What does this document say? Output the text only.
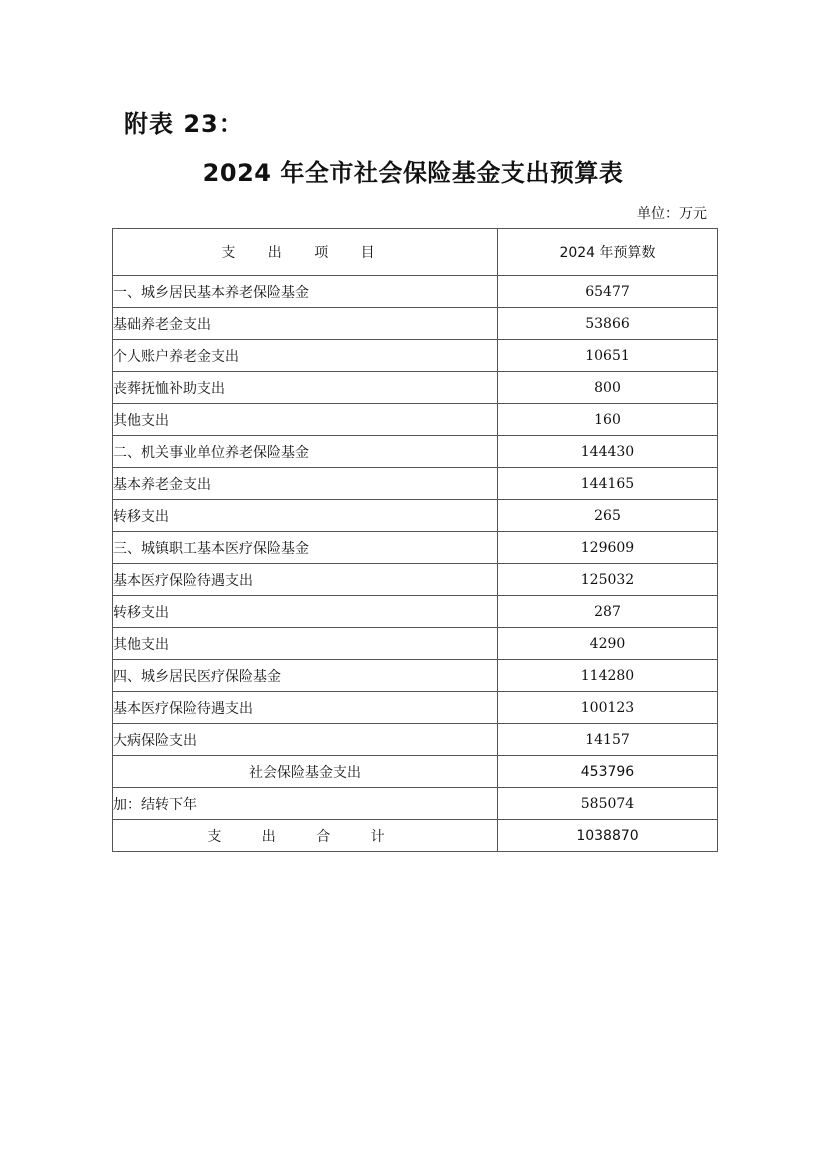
附表 23：
2024 年全市社会保险基金支出预算表
单位：万元
支 出 项 目	2024 年预算数
一、城乡居民基本养老保险基金	65477
基础养老金支出	53866
个人账户养老金支出	10651
丧葬抚恤补助支出	800
其他支出	160
二、机关事业单位养老保险基金	144430
基本养老金支出	144165
转移支出	265
三、城镇职工基本医疗保险基金	129609
基本医疗保险待遇支出	125032
转移支出	287
其他支出	4290
四、城乡居民医疗保险基金	114280
基本医疗保险待遇支出	100123
大病保险支出	14157
社会保险基金支出	453796
加：结转下年	585074
支 出 合 计	1038870
